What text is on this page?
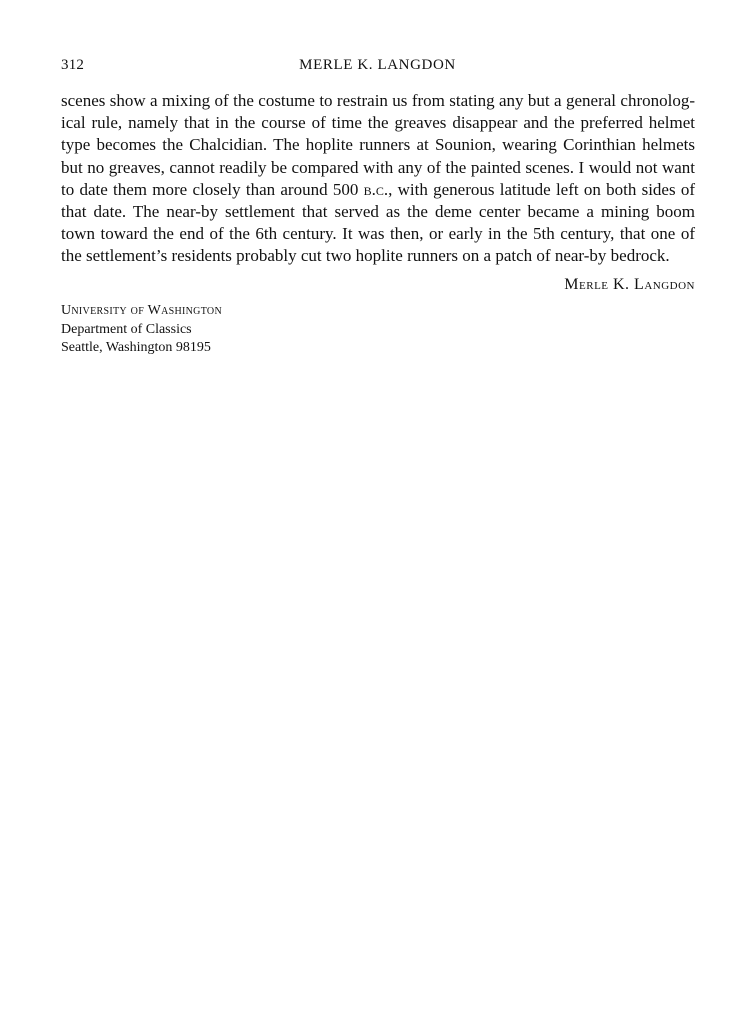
312	MERLE K. LANGDON
scenes show a mixing of the costume to restrain us from stating any but a general chronolog-
ical rule, namely that in the course of time the greaves disappear and the preferred helmet
type becomes the Chalcidian. The hoplite runners at Sounion, wearing Corinthian helmets
but no greaves, cannot readily be compared with any of the painted scenes. I would not want
to date them more closely than around 500 b.c., with generous latitude left on both sides of
that date. The near-by settlement that served as the deme center became a mining boom
town toward the end of the 6th century. It was then, or early in the 5th century, that one of
the settlement’s residents probably cut two hoplite runners on a patch of near-by bedrock.
Merle K. Langdon
University of Washington
Department of Classics
Seattle, Washington 98195
